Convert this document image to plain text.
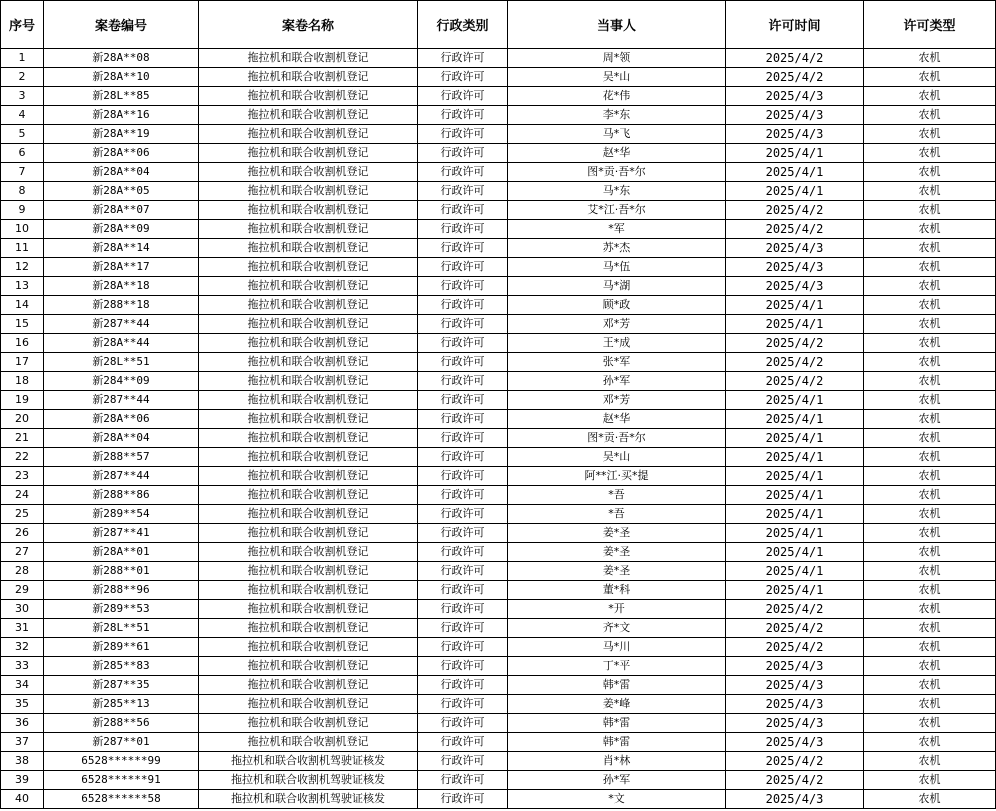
序号	案卷编号	案卷名称	行政类别	当事人	许可时间	许可类型
1	新28A**08	拖拉机和联合收割机登记	行政许可	周*领	2025/4/2	农机
2	新28A**10	拖拉机和联合收割机登记	行政许可	吴*山	2025/4/2	农机
3	新28L**85	拖拉机和联合收割机登记	行政许可	花*伟	2025/4/3	农机
4	新28A**16	拖拉机和联合收割机登记	行政许可	李*东	2025/4/3	农机
5	新28A**19	拖拉机和联合收割机登记	行政许可	马*飞	2025/4/3	农机
6	新28A**06	拖拉机和联合收割机登记	行政许可	赵*华	2025/4/1	农机
7	新28A**04	拖拉机和联合收割机登记	行政许可	图*贡·吾*尔	2025/4/1	农机
8	新28A**05	拖拉机和联合收割机登记	行政许可	马*东	2025/4/1	农机
9	新28A**07	拖拉机和联合收割机登记	行政许可	艾*江·吾*尔	2025/4/2	农机
10	新28A**09	拖拉机和联合收割机登记	行政许可	*军	2025/4/2	农机
11	新28A**14	拖拉机和联合收割机登记	行政许可	苏*杰	2025/4/3	农机
12	新28A**17	拖拉机和联合收割机登记	行政许可	马*伍	2025/4/3	农机
13	新28A**18	拖拉机和联合收割机登记	行政许可	马*湖	2025/4/3	农机
14	新288**18	拖拉机和联合收割机登记	行政许可	顾*政	2025/4/1	农机
15	新287**44	拖拉机和联合收割机登记	行政许可	邓*芳	2025/4/1	农机
16	新28A**44	拖拉机和联合收割机登记	行政许可	王*成	2025/4/2	农机
17	新28L**51	拖拉机和联合收割机登记	行政许可	张*军	2025/4/2	农机
18	新284**09	拖拉机和联合收割机登记	行政许可	孙*军	2025/4/2	农机
19	新287**44	拖拉机和联合收割机登记	行政许可	邓*芳	2025/4/1	农机
20	新28A**06	拖拉机和联合收割机登记	行政许可	赵*华	2025/4/1	农机
21	新28A**04	拖拉机和联合收割机登记	行政许可	图*贡·吾*尔	2025/4/1	农机
22	新288**57	拖拉机和联合收割机登记	行政许可	吴*山	2025/4/1	农机
23	新287**44	拖拉机和联合收割机登记	行政许可	阿**江·买*提	2025/4/1	农机
24	新288**86	拖拉机和联合收割机登记	行政许可	*吾	2025/4/1	农机
25	新289**54	拖拉机和联合收割机登记	行政许可	*吾	2025/4/1	农机
26	新287**41	拖拉机和联合收割机登记	行政许可	姜*圣	2025/4/1	农机
27	新28A**01	拖拉机和联合收割机登记	行政许可	姜*圣	2025/4/1	农机
28	新288**01	拖拉机和联合收割机登记	行政许可	姜*圣	2025/4/1	农机
29	新288**96	拖拉机和联合收割机登记	行政许可	董*科	2025/4/1	农机
30	新289**53	拖拉机和联合收割机登记	行政许可	*开	2025/4/2	农机
31	新28L**51	拖拉机和联合收割机登记	行政许可	齐*文	2025/4/2	农机
32	新289**61	拖拉机和联合收割机登记	行政许可	马*川	2025/4/2	农机
33	新285**83	拖拉机和联合收割机登记	行政许可	丁*平	2025/4/3	农机
34	新287**35	拖拉机和联合收割机登记	行政许可	韩*雷	2025/4/3	农机
35	新285**13	拖拉机和联合收割机登记	行政许可	姜*峰	2025/4/3	农机
36	新288**56	拖拉机和联合收割机登记	行政许可	韩*雷	2025/4/3	农机
37	新287**01	拖拉机和联合收割机登记	行政许可	韩*雷	2025/4/3	农机
38	6528******99	拖拉机和联合收割机驾驶证核发	行政许可	肖*林	2025/4/2	农机
39	6528******91	拖拉机和联合收割机驾驶证核发	行政许可	孙*军	2025/4/2	农机
40	6528******58	拖拉机和联合收割机驾驶证核发	行政许可	*文	2025/4/3	农机
